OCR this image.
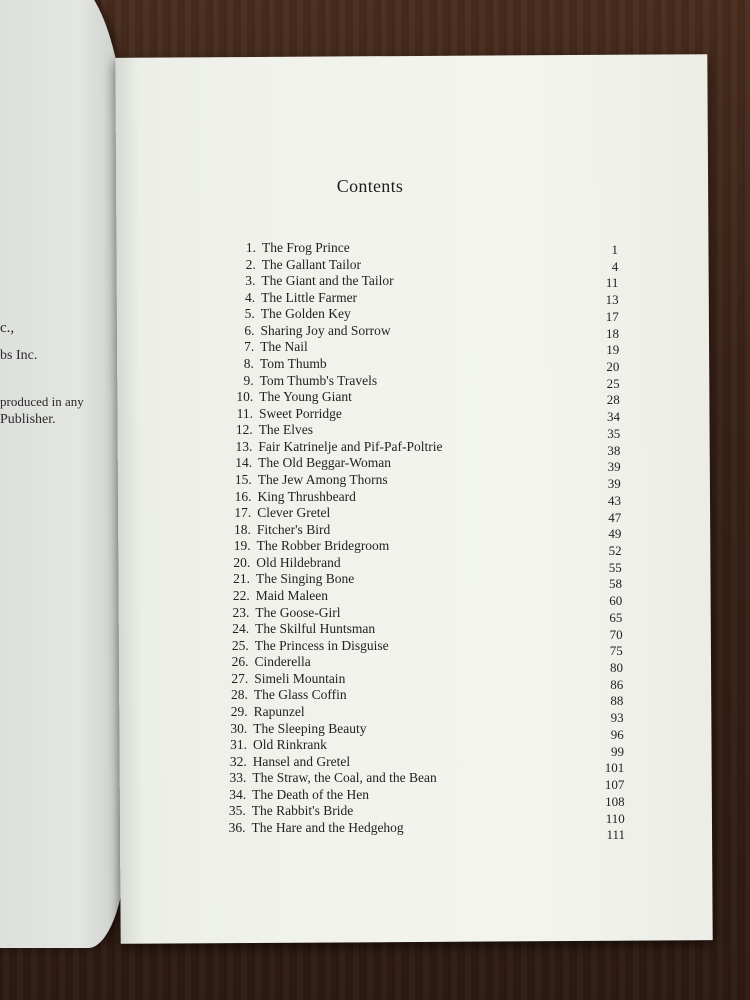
c.,
bs Inc.
produced in any
Publisher.
Contents
1. The Frog Prince	1
2. The Gallant Tailor	4
3. The Giant and the Tailor	11
4. The Little Farmer	13
5. The Golden Key	17
6. Sharing Joy and Sorrow	18
7. The Nail	19
8. Tom Thumb	20
9. Tom Thumb's Travels	25
10. The Young Giant	28
11. Sweet Porridge	34
12. The Elves	35
13. Fair Katrinelje and Pif-Paf-Poltrie	38
14. The Old Beggar-Woman	39
15. The Jew Among Thorns	39
16. King Thrushbeard	43
17. Clever Gretel	47
18. Fitcher's Bird	49
19. The Robber Bridegroom	52
20. Old Hildebrand	55
21. The Singing Bone	58
22. Maid Maleen	60
23. The Goose-Girl	65
24. The Skilful Huntsman	70
25. The Princess in Disguise	75
26. Cinderella	80
27. Simeli Mountain	86
28. The Glass Coffin	88
29. Rapunzel	93
30. The Sleeping Beauty	96
31. Old Rinkrank	99
32. Hansel and Gretel	101
33. The Straw, the Coal, and the Bean	107
34. The Death of the Hen	108
35. The Rabbit's Bride	110
36. The Hare and the Hedgehog	111
